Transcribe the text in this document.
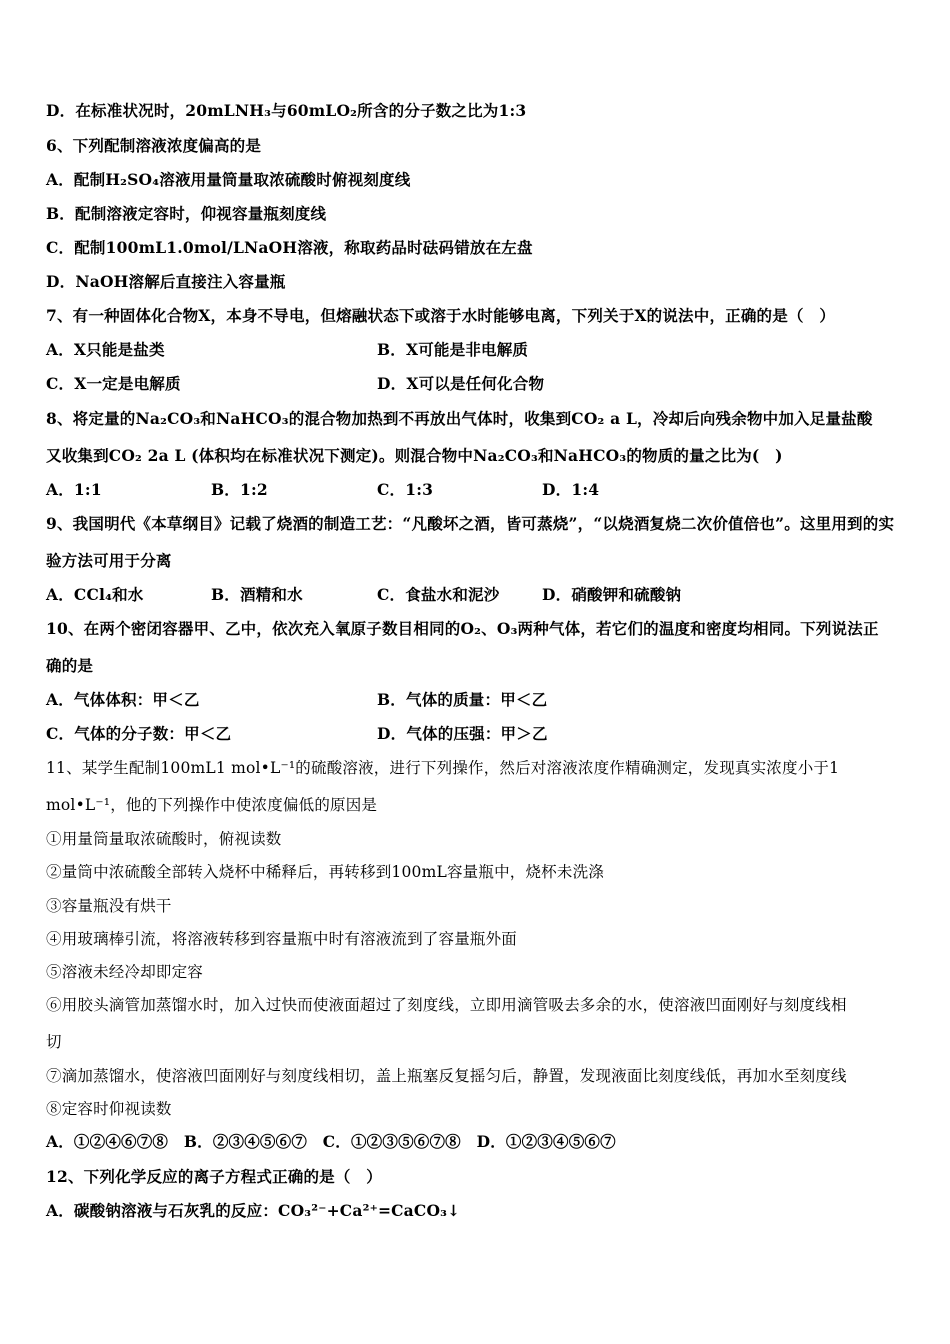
D．在标准状况时，20mLNH₃与60mLO₂所含的分子数之比为1:3
6、下列配制溶液浓度偏高的是
A．配制H₂SO₄溶液用量筒量取浓硫酸时俯视刻度线
B．配制溶液定容时，仰视容量瓶刻度线
C．配制100mL1.0mol/LNaOH溶液，称取药品时砝码错放在左盘
D．NaOH溶解后直接注入容量瓶
7、有一种固体化合物X，本身不导电，但熔融状态下或溶于水时能够电离，下列关于X的说法中，正确的是（　）
A．X只能是盐类	B．X可能是非电解质
C．X一定是电解质	D．X可以是任何化合物
8、将定量的Na₂CO₃和NaHCO₃的混合物加热到不再放出气体时，收集到CO₂ a L，冷却后向残余物中加入足量盐酸
又收集到CO₂ 2a L (体积均在标准状况下测定)。则混合物中Na₂CO₃和NaHCO₃的物质的量之比为(　)
A．1:1	B．1:2	C．1:3	D．1:4
9、我国明代《本草纲目》记载了烧酒的制造工艺：“凡酸坏之酒，皆可蒸烧”，“以烧酒复烧二次价值倍也”。这里用到的实
验方法可用于分离
A．CCl₄和水	B．酒精和水	C．食盐水和泥沙	D．硝酸钾和硫酸钠
10、在两个密闭容器甲、乙中，依次充入氧原子数目相同的O₂、O₃两种气体，若它们的温度和密度均相同。下列说法正
确的是
A．气体体积：甲＜乙	B．气体的质量：甲＜乙
C．气体的分子数：甲＜乙	D．气体的压强：甲＞乙
11、某学生配制100mL1 mol•L⁻¹的硫酸溶液，进行下列操作，然后对溶液浓度作精确测定，发现真实浓度小于1
mol•L⁻¹，他的下列操作中使浓度偏低的原因是
①用量筒量取浓硫酸时，俯视读数
②量筒中浓硫酸全部转入烧杯中稀释后，再转移到100mL容量瓶中，烧杯未洗涤
③容量瓶没有烘干
④用玻璃棒引流，将溶液转移到容量瓶中时有溶液流到了容量瓶外面
⑤溶液未经冷却即定容
⑥用胶头滴管加蒸馏水时，加入过快而使液面超过了刻度线，立即用滴管吸去多余的水，使溶液凹面刚好与刻度线相
切
⑦滴加蒸馏水，使溶液凹面刚好与刻度线相切，盖上瓶塞反复摇匀后，静置，发现液面比刻度线低，再加水至刻度线
⑧定容时仰视读数
A．①②④⑥⑦⑧　B．②③④⑤⑥⑦　C．①②③⑤⑥⑦⑧　D．①②③④⑤⑥⑦
12、下列化学反应的离子方程式正确的是（　）
A．碳酸钠溶液与石灰乳的反应：CO₃²⁻+Ca²⁺=CaCO₃↓
